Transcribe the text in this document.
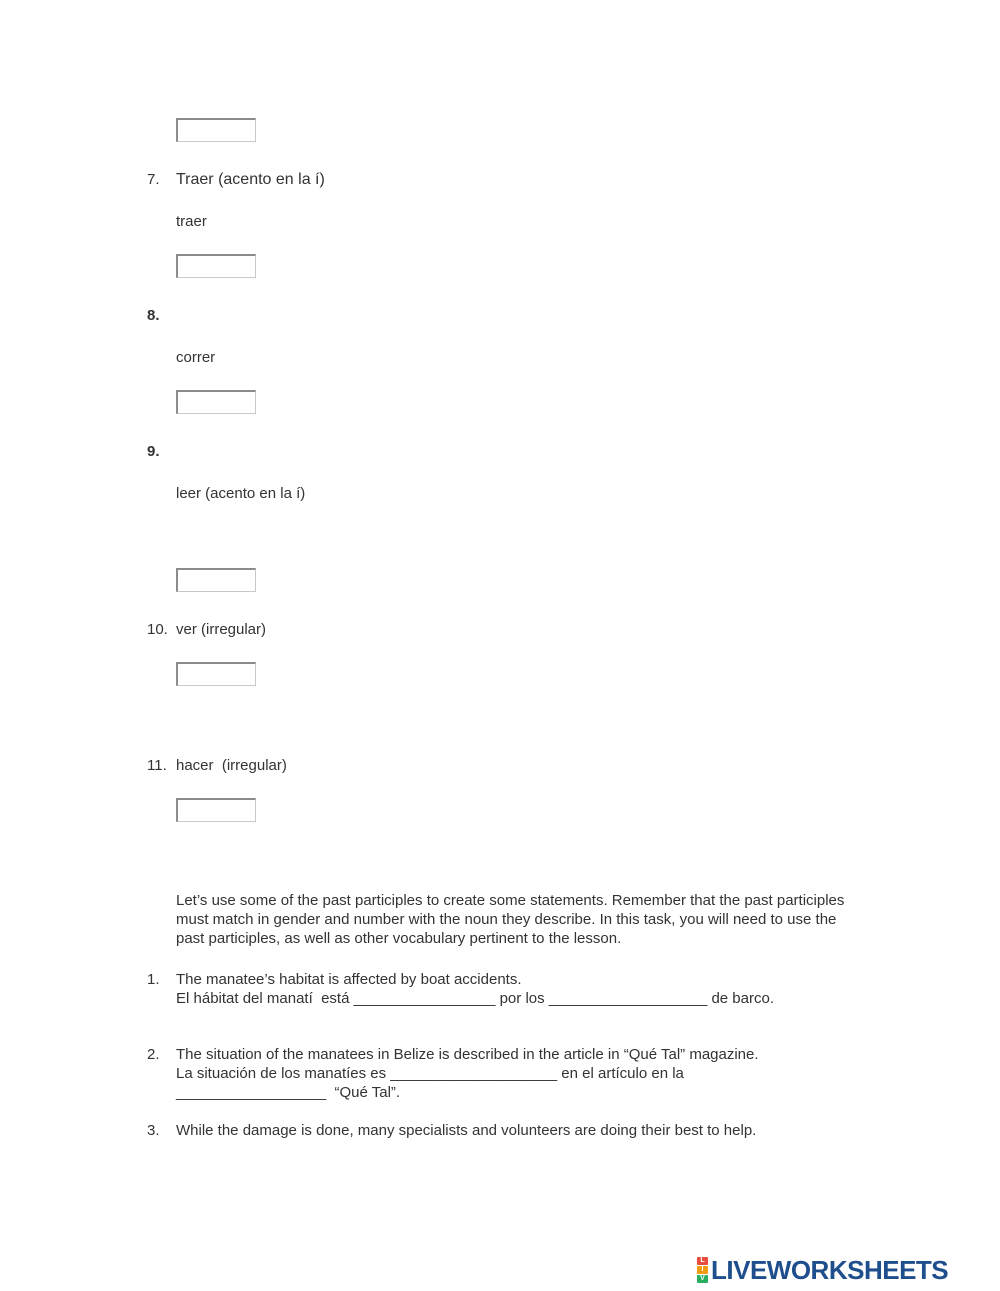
7. Traer (acento en la í)
traer
8.
correr
9.
leer (acento en la í)
10. ver (irregular)
11. hacer  (irregular)
Let’s use some of the past participles to create some statements. Remember that the past participles must match in gender and number with the noun they describe. In this task, you will need to use the past participles, as well as other vocabulary pertinent to the lesson.
1. The manatee’s habitat is affected by boat accidents.
El hábitat del manatí  está _________________ por los ___________________ de barco.
2. The situation of the manatees in Belize is described in the article in “Qué Tal” magazine.
La situación de los manatíes es ____________________ en el artículo en la
__________________  “Qué Tal”.
3. While the damage is done, many specialists and volunteers are doing their best to help.
L
I
V LIVEWORKSHEETS
